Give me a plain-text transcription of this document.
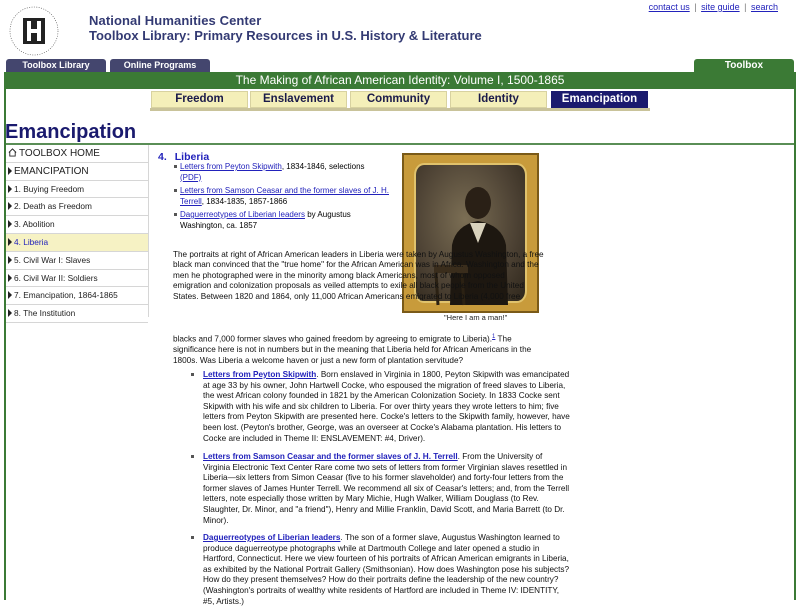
National Humanities Center
Toolbox Library: Primary Resources in U.S. History & Literature
contact us | site guide | search
Toolbox Library	Online Programs	Toolbox
The Making of African American Identity: Volume I, 1500-1865
Freedom	Enslavement	Community	Identity	Emancipation
Emancipation
TOOLBOX HOME
EMANCIPATION
1. Buying Freedom
2. Death as Freedom
3. Abolition
4. Liberia
5. Civil War I: Slaves
6. Civil War II: Soldiers
7. Emancipation, 1864-1865
8. The Institution
4. Liberia
Letters from Peyton Skipwith, 1834-1846, selections
(PDF)
Letters from Samson Ceasar and the former slaves of J. H. Terrell, 1834-1835, 1857-1866
Daguerreotypes of Liberian leaders by Augustus Washington, ca. 1857
"Here I am a man!"
The portraits at right of African American leaders in Liberia were taken by Augustus Washington, a free black man convinced that the "true home" for the African American was in Africa. Washington and the men he photographed were in the minority among black Americans, most of whom opposed emigration and colonization proposals as veiled attempts to exile all black people from the United States. Between 1820 and 1864, only 11,000 African Americans emigrated to Liberia (4,000 free
blacks and 7,000 former slaves who gained freedom by agreeing to emigrate to Liberia).$^1$ The significance here is not in numbers but in the meaning that Liberia held for African Americans in the 1800s. Was Liberia a welcome haven or just a new form of plantation servitude?
Letters from Peyton Skipwith. Born enslaved in Virginia in 1800, Peyton Skipwith was emancipated at age 33 by his owner, John Hartwell Cocke, who espoused the migration of freed slaves to Liberia, the west African colony founded in 1821 by the American Colonization Society. In 1833 Cocke sent Skipwith with his wife and six children to Liberia. For over thirty years they wrote letters to him; five letters from Peyton Skipwith are presented here. Cocke's letters to the Skipwith family, however, have been lost. (Peyton's brother, George, was an overseer at Cocke's Alabama plantation. His letters to Cocke are included in Theme II: ENSLAVEMENT: #4, Driver).
Letters from Samson Ceasar and the former slaves of J. H. Terrell. From the University of Virginia Electronic Text Center Rare come two sets of letters from former Virginian slaves resettled in Liberia—six letters from Simon Ceasar (five to his former slaveholder) and forty-four letters from the former slaves of James Hunter Terrell. We recommend all six of Ceasar's letters; and, from the Terrell letters, note especially those written by Mary Michie, Hugh Walker, William Douglass (to Rev. Slaughter, Dr. Minor, and "a friend"), Henry and Millie Franklin, David Scott, and Maria Barrett (to Dr. Minor).
Daguerreotypes of Liberian leaders. The son of a former slave, Augustus Washington learned to produce daguerreotype photographs while at Dartmouth College and later opened a studio in Hartford, Connecticut. Here we view fourteen of his portraits of African American emigrants in Liberia, as exhibited by the National Portrait Gallery (Smithsonian). How does Washington pose his subjects? How do they present themselves? How do their portraits define the leadership of the new country? (Washington's portraits of wealthy white residents of Hartford are included in Theme IV: IDENTITY, #5, Artists.)
